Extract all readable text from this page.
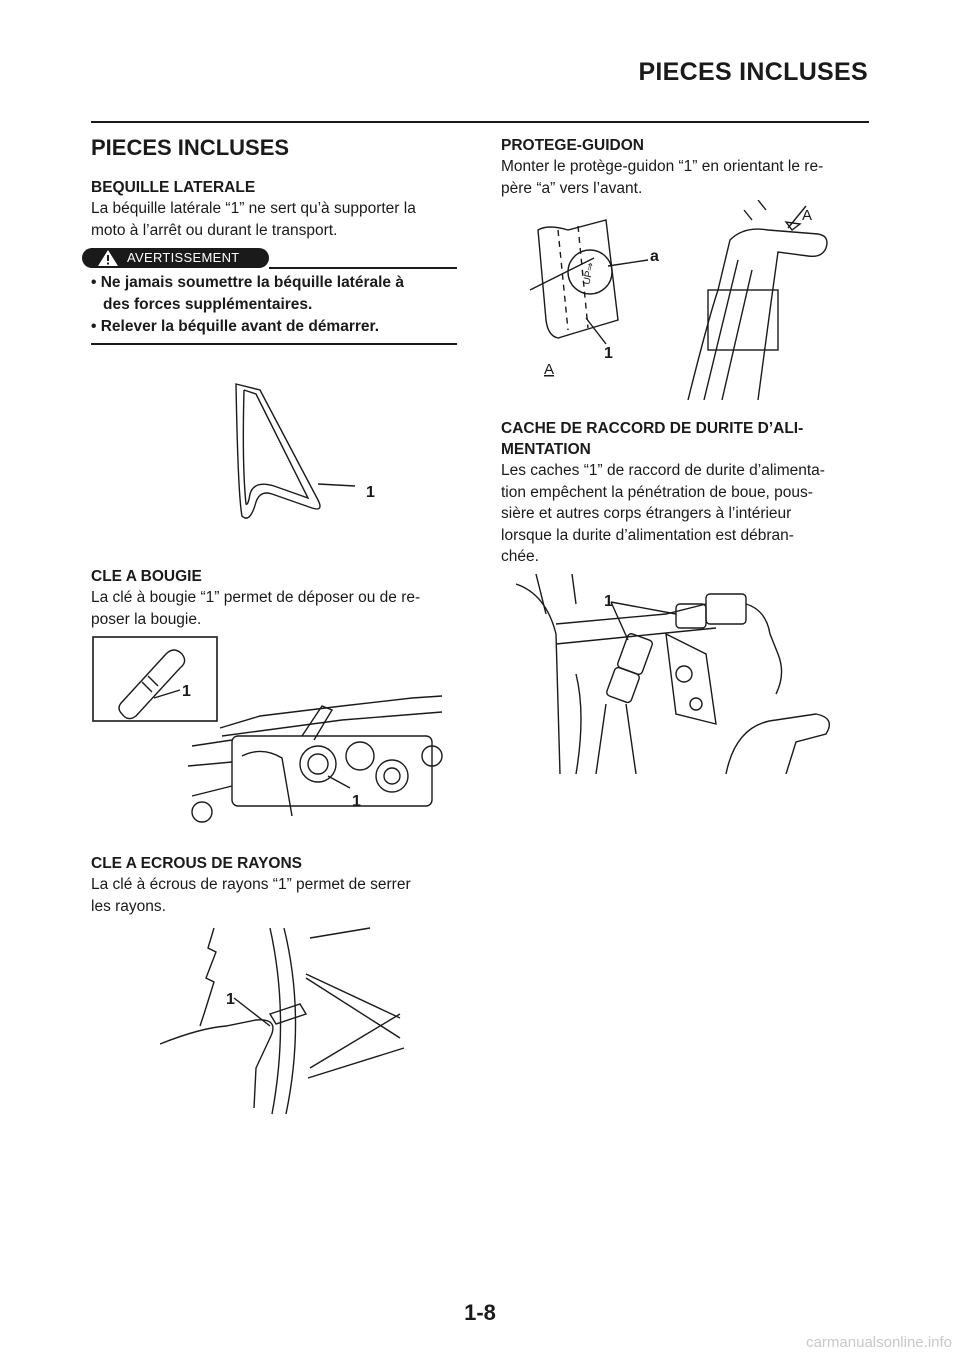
PIECES INCLUSES
PIECES INCLUSES
BEQUILLE LATERALE
La béquille latérale “1” ne sert qu’à supporter la
moto à l’arrêt ou durant le transport.
AVERTISSEMENT
• Ne jamais soumettre la béquille latérale à
des forces supplémentaires.
• Relever la béquille avant de démarrer.
1
CLE A BOUGIE
La clé à bougie “1” permet de déposer ou de re-
poser la bougie.
1
1
CLE A ECROUS DE RAYONS
La clé à écrous de rayons “1” permet de serrer
les rayons.
1
PROTEGE-GUIDON
Monter le protège-guidon “1” en orientant le re-
père “a” vers l’avant.
UP⇒
a
1
A
A
CACHE DE RACCORD DE DURITE D’ALI-
MENTATION
Les caches “1” de raccord de durite d’alimenta-
tion empêchent la pénétration de boue, pous-
sière et autres corps étrangers à l’intérieur
lorsque la durite d’alimentation est débran-
chée.
1
1-8
carmanualsonline.info
